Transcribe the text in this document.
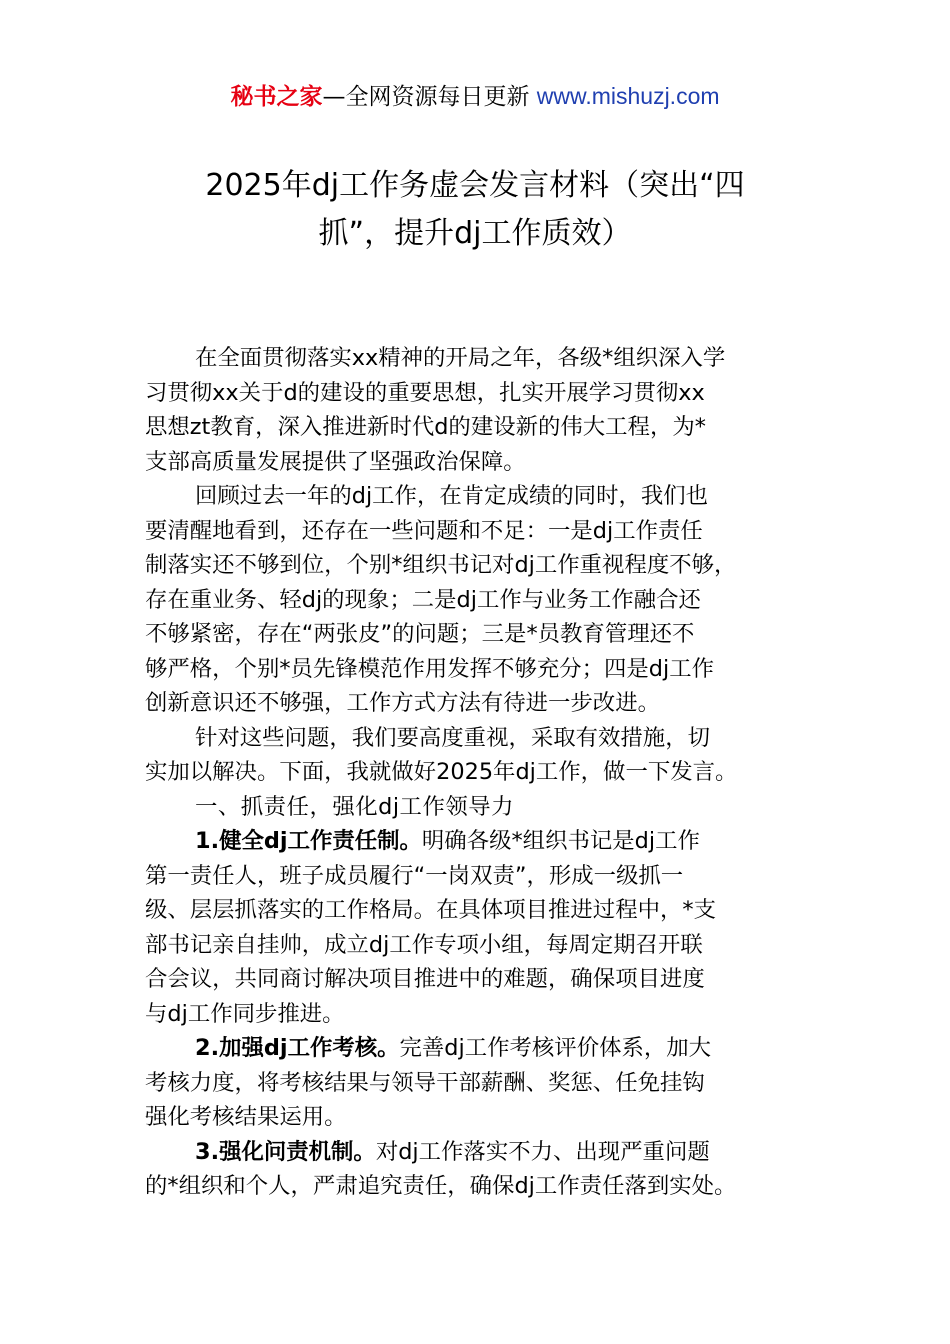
秘书之家—全网资源每日更新 www.mishuzj.com
2025年dj工作务虚会发言材料（突出“四
抓”，提升dj工作质效）

在全面贯彻落实xx精神的开局之年，各级*组织深入学
习贯彻xx关于d的建设的重要思想，扎实开展学习贯彻xx
思想zt教育，深入推进新时代d的建设新的伟大工程，为*
支部高质量发展提供了坚强政治保障。

回顾过去一年的dj工作，在肯定成绩的同时，我们也
要清醒地看到，还存在一些问题和不足：一是dj工作责任
制落实还不够到位，个别*组织书记对dj工作重视程度不够，
存在重业务、轻dj的现象；二是dj工作与业务工作融合还
不够紧密，存在“两张皮”的问题；三是*员教育管理还不
够严格，个别*员先锋模范作用发挥不够充分；四是dj工作
创新意识还不够强，工作方式方法有待进一步改进。

针对这些问题，我们要高度重视，采取有效措施，切
实加以解决。下面，我就做好2025年dj工作，做一下发言。

一、抓责任，强化dj工作领导力

1.健全dj工作责任制。明确各级*组织书记是dj工作
第一责任人，班子成员履行“一岗双责”，形成一级抓一
级、层层抓落实的工作格局。在具体项目推进过程中，*支
部书记亲自挂帅，成立dj工作专项小组，每周定期召开联
合会议，共同商讨解决项目推进中的难题，确保项目进度
与dj工作同步推进。

2.加强dj工作考核。完善dj工作考核评价体系，加大
考核力度，将考核结果与领导干部薪酬、奖惩、任免挂钩
强化考核结果运用。

3.强化问责机制。对dj工作落实不力、出现严重问题
的*组织和个人，严肃追究责任，确保dj工作责任落到实处。
